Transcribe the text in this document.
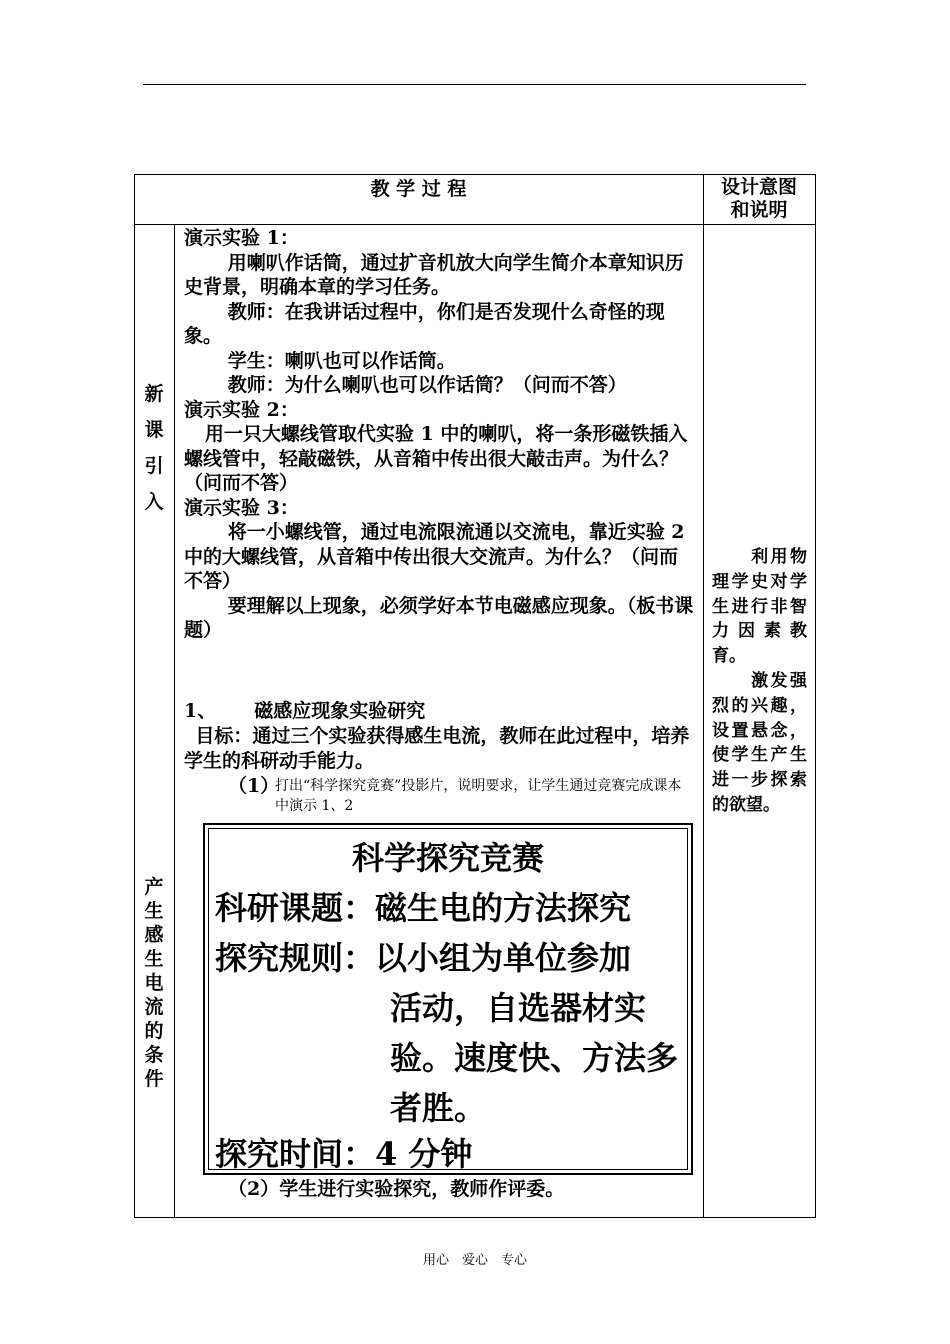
教 学 过 程	设计意图
和说明
新
课
引
入
产
生
感
生
电
流
的
条
件

演示实验 1：

用喇叭作话筒，通过扩音机放大向学生简介本章知识历史背景，明确本章的学习任务。

教师：在我讲话过程中，你们是否发现什么奇怪的现象。

学生：喇叭也可以作话筒。

教师：为什么喇叭也可以作话筒？（问而不答）

演示实验 2：

用一只大螺线管取代实验 1 中的喇叭，将一条形磁铁插入螺线管中，轻敲磁铁，从音箱中传出很大敲击声。为什么？（问而不答）

演示实验 3：

将一小螺线管，通过电流限流通以交流电，靠近实验 2 中的大螺线管，从音箱中传出很大交流声。为什么？（问而不答）

要理解以上现象，必须学好本节电磁感应现象。（板书课题）

1、 磁感应现象实验研究

目标：通过三个实验获得感生电流，教师在此过程中，培养学生的科研动手能力。

（1）
打出“科学探究竞赛”投影片，说明要求，让学生通过竞赛完成课本中演示 1、2
科学探究竞赛
科研课题：磁生电的方法探究
探究规则：以小组为单位参加
活动，自选器材实
验。速度快、方法多
者胜。
探究时间：4 分钟
（2）学生进行实验探究，教师作评委。

利用物理学史对学生进行非智力因素教育。

激发强烈的兴趣，设置悬念，使学生产生进一步探索的欲望。

用心　爱心　专心
